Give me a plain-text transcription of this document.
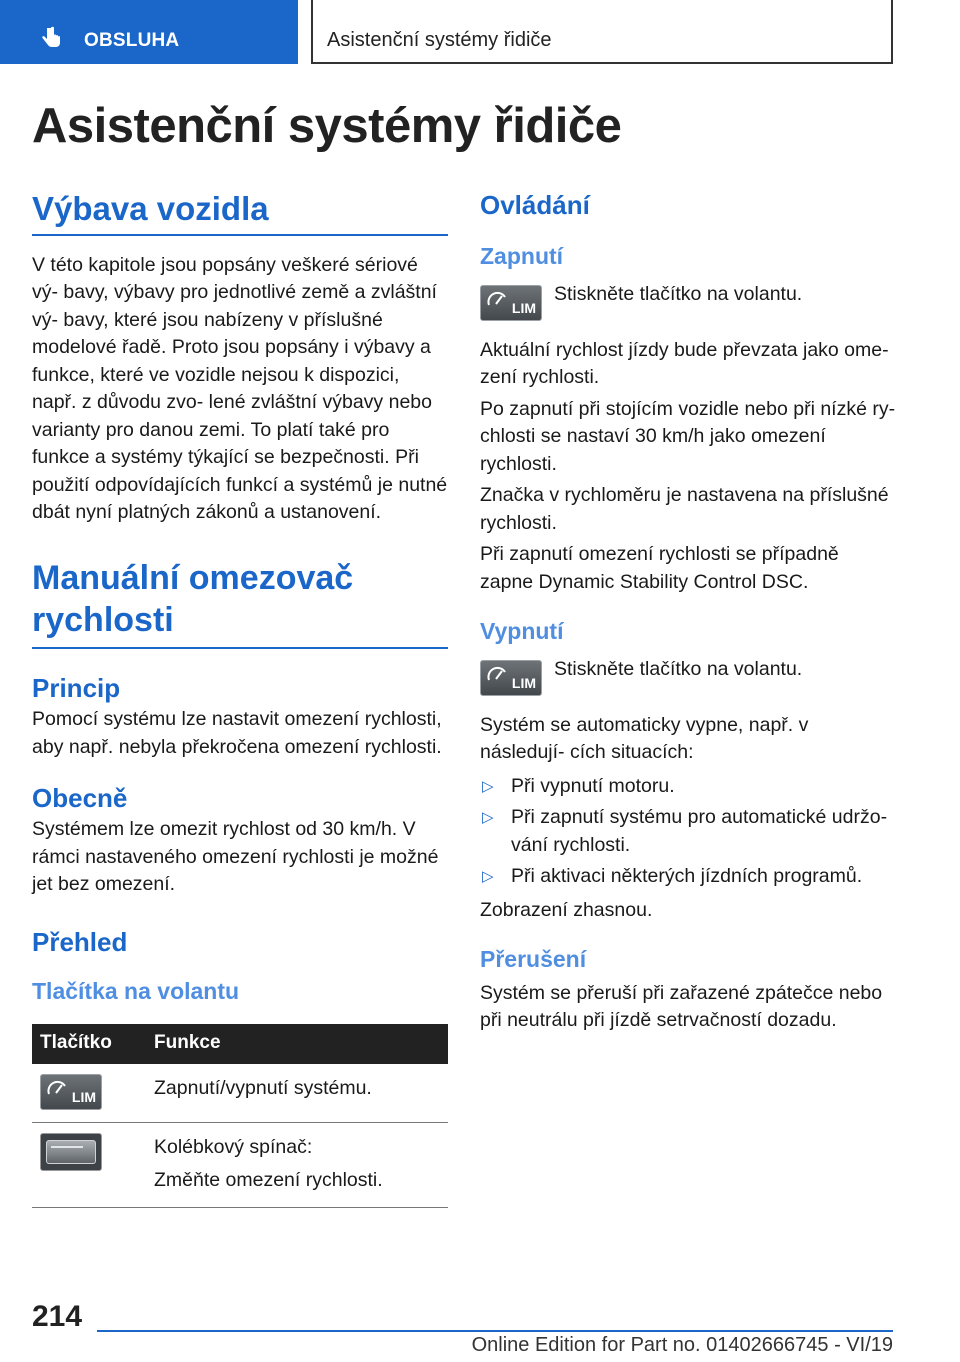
OBSLUHA	Asistenční systémy řidiče
Asistenční systémy řidiče
Výbava vozidla

V této kapitole jsou popsány veškeré sériové vý- bavy, výbavy pro jednotlivé země a zvláštní vý- bavy, které jsou nabízeny v příslušné modelové řadě. Proto jsou popsány i výbavy a funkce, které ve vozidle nejsou k dispozici, např. z důvodu zvo- lené zvláštní výbavy nebo varianty pro danou zemi. To platí také pro funkce a systémy týkající se bezpečnosti. Při použití odpovídajících funkcí a systémů je nutné dbát nyní platných zákonů a ustanovení.

Manuální omezovač rychlosti
Princip

Pomocí systému lze nastavit omezení rychlosti, aby např. nebyla překročena omezení rychlosti.

Obecně

Systémem lze omezit rychlost od 30 km/h. V rámci nastaveného omezení rychlosti je možné jet bez omezení.

Přehled
Tlačítka na volantu
Tlačítko	Funkce

LIM	Zapnutí/vypnutí systému.

	Kolébkový spínač:

Změňte omezení rychlosti.

Ovládání
Zapnutí
LIM

Stiskněte tlačítko na volantu.

Aktuální rychlost jízdy bude převzata jako ome- zení rychlosti.

Po zapnutí při stojícím vozidle nebo při nízké ry- chlosti se nastaví 30 km/h jako omezení rychlosti.

Značka v rychloměru je nastavena na příslušné rychlosti.

Při zapnutí omezení rychlosti se případně zapne Dynamic Stability Control DSC.

Vypnutí
LIM

Stiskněte tlačítko na volantu.

Systém se automaticky vypne, např. v následují- cích situacích:

▷ Při vypnutí motoru.

▷ Při zapnutí systému pro automatické udržo- vání rychlosti.

▷ Při aktivaci některých jízdních programů.

Zobrazení zhasnou.

Přerušení

Systém se přeruší při zařazené zpátečce nebo při neutrálu při jízdě setrvačností dozadu.

214
Online Edition for Part no. 01402666745 - VI/19
